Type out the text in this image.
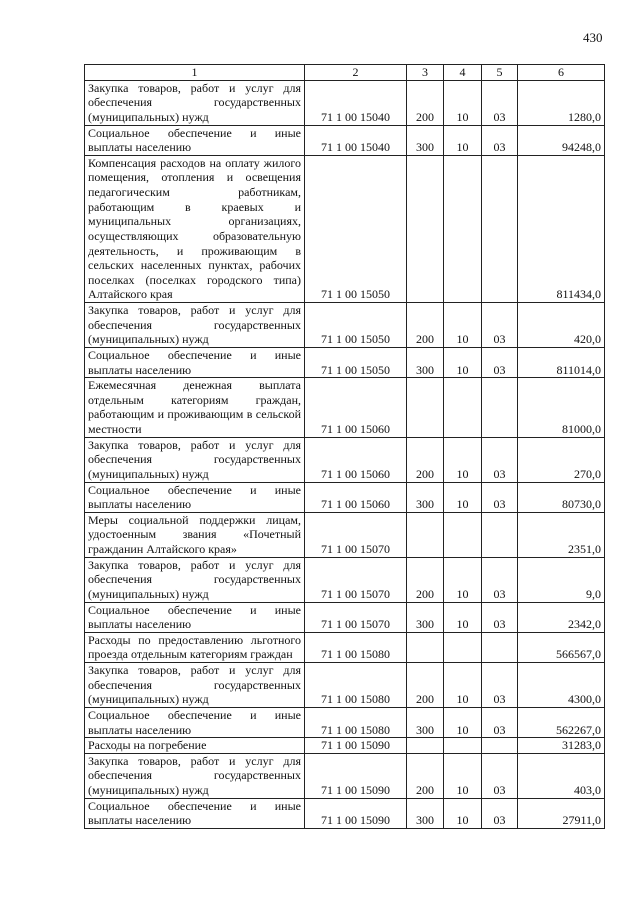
430
1	2	3	4	5	6
Закупка товаров, работ и услуг для обеспечения государственных (муниципальных) нужд	71 1 00 15040	200	10	03	1280,0
Социальное обеспечение и иные выплаты населению	71 1 00 15040	300	10	03	94248,0
Компенсация расходов на оплату жилого помещения, отопления и освещения педагогическим работникам, работающим в краевых и муниципальных организациях, осуществляющих образовательную деятельность, и проживающим в сельских населенных пунктах, рабочих поселках (поселках городского типа) Алтайского края	71 1 00 15050				811434,0
Закупка товаров, работ и услуг для обеспечения государственных (муниципальных) нужд	71 1 00 15050	200	10	03	420,0
Социальное обеспечение и иные выплаты населению	71 1 00 15050	300	10	03	811014,0
Ежемесячная денежная выплата отдельным категориям граждан, работающим и проживающим в сельской местности	71 1 00 15060				81000,0
Закупка товаров, работ и услуг для обеспечения государственных (муниципальных) нужд	71 1 00 15060	200	10	03	270,0
Социальное обеспечение и иные выплаты населению	71 1 00 15060	300	10	03	80730,0
Меры социальной поддержки лицам, удостоенным звания «Почетный гражданин Алтайского края»	71 1 00 15070				2351,0
Закупка товаров, работ и услуг для обеспечения государственных (муниципальных) нужд	71 1 00 15070	200	10	03	9,0
Социальное обеспечение и иные выплаты населению	71 1 00 15070	300	10	03	2342,0
Расходы по предоставлению льготного проезда отдельным категориям граждан	71 1 00 15080				566567,0
Закупка товаров, работ и услуг для обеспечения государственных (муниципальных) нужд	71 1 00 15080	200	10	03	4300,0
Социальное обеспечение и иные выплаты населению	71 1 00 15080	300	10	03	562267,0
Расходы на погребение	71 1 00 15090				31283,0
Закупка товаров, работ и услуг для обеспечения государственных (муниципальных) нужд	71 1 00 15090	200	10	03	403,0
Социальное обеспечение и иные выплаты населению	71 1 00 15090	300	10	03	27911,0
